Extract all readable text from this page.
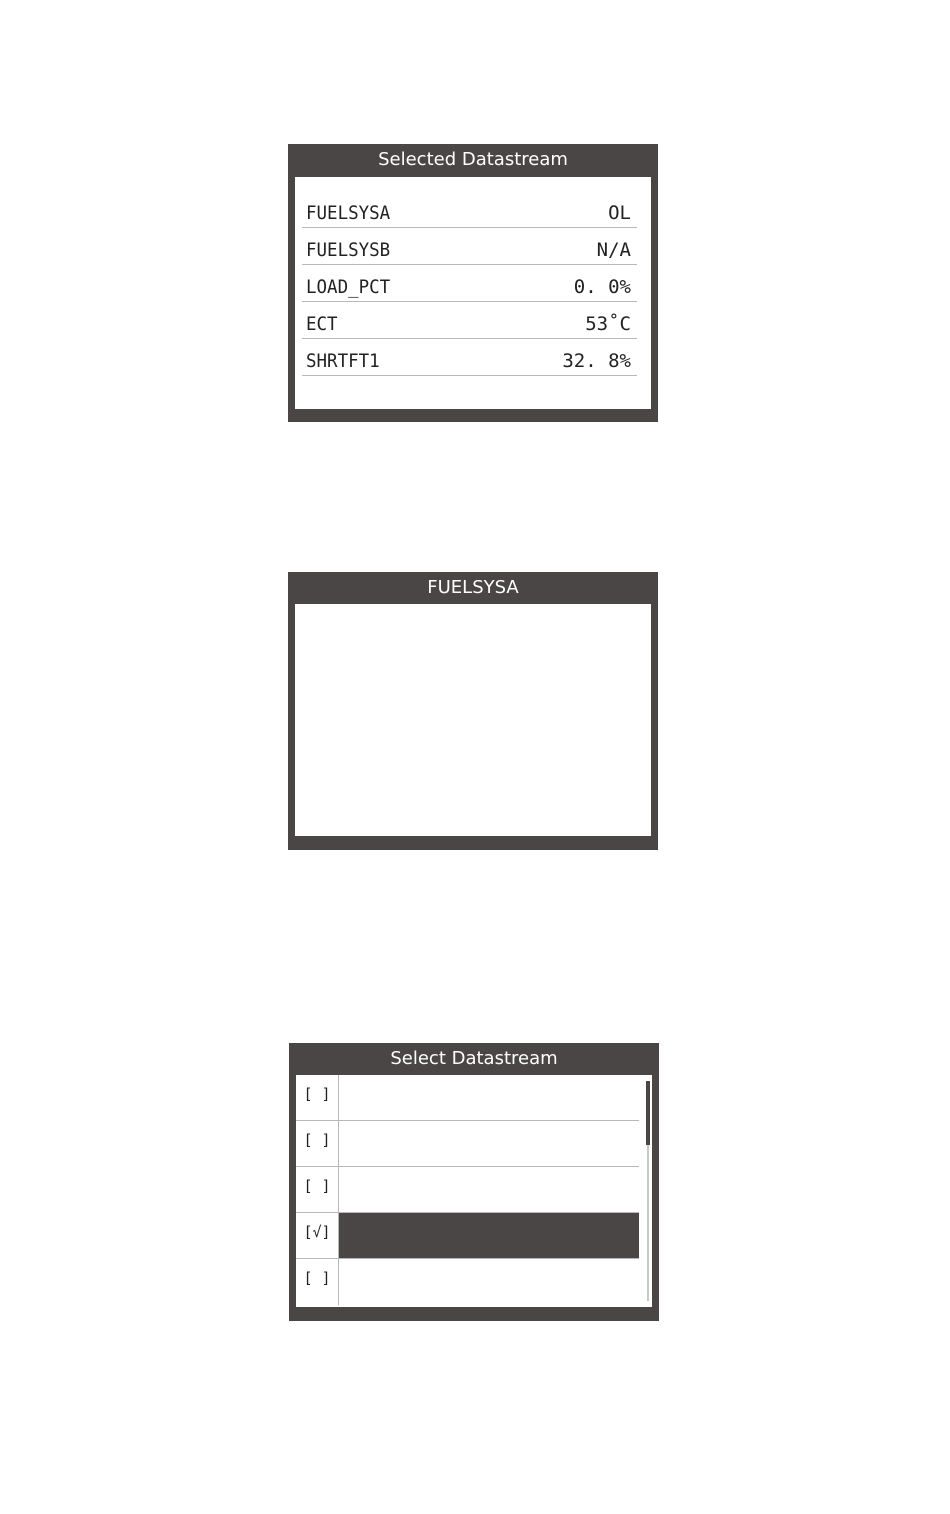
Selected Datastream
FUELSYSA	OL
FUELSYSB	N/A
LOAD_PCT	0. 0%
ECT	53˚C
SHRTFT1	32. 8%
FUELSYSA
Select Datastream
[ ]
[ ]
[ ]
[√]
[ ]
